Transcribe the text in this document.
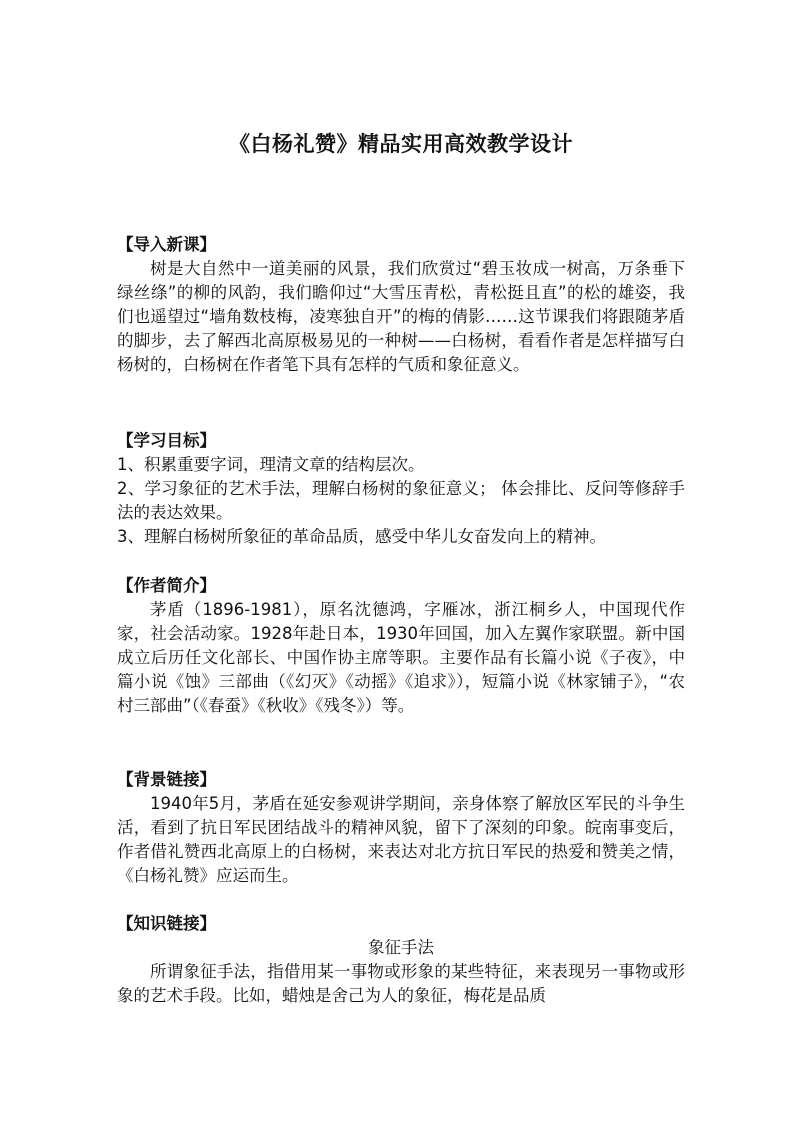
《白杨礼赞》精品实用高效教学设计
【导入新课】

树是大自然中一道美丽的风景，我们欣赏过“碧玉妆成一树高，万条垂下绿丝绦”的柳的风韵，我们瞻仰过“大雪压青松，青松挺且直”的松的雄姿，我们也遥望过“墙角数枝梅，凌寒独自开”的梅的倩影……这节课我们将跟随茅盾的脚步，去了解西北高原极易见的一种树——白杨树，看看作者是怎样描写白杨树的，白杨树在作者笔下具有怎样的气质和象征意义。

【学习目标】

1、积累重要字词，理清文章的结构层次。

2、学习象征的艺术手法，理解白杨树的象征意义； 体会排比、反问等修辞手法的表达效果。

3、理解白杨树所象征的革命品质，感受中华儿女奋发向上的精神。

【作者简介】

茅盾（1896-1981），原名沈德鸿，字雁冰，浙江桐乡人，中国现代作家，社会活动家。1928年赴日本，1930年回国，加入左翼作家联盟。新中国成立后历任文化部长、中国作协主席等职。主要作品有长篇小说《子夜》，中篇小说《蚀》三部曲（《幻灭》《动摇》《追求》），短篇小说《林家铺子》，“农村三部曲”（《春蚕》《秋收》《残冬》）等。

【背景链接】

1940年5月，茅盾在延安参观讲学期间，亲身体察了解放区军民的斗争生活，看到了抗日军民团结战斗的精神风貌，留下了深刻的印象。皖南事变后，作者借礼赞西北高原上的白杨树，来表达对北方抗日军民的热爱和赞美之情，《白杨礼赞》应运而生。

【知识链接】
象征手法

所谓象征手法，指借用某一事物或形象的某些特征，来表现另一事物或形象的艺术手段。比如，蜡烛是舍己为人的象征，梅花是品质
